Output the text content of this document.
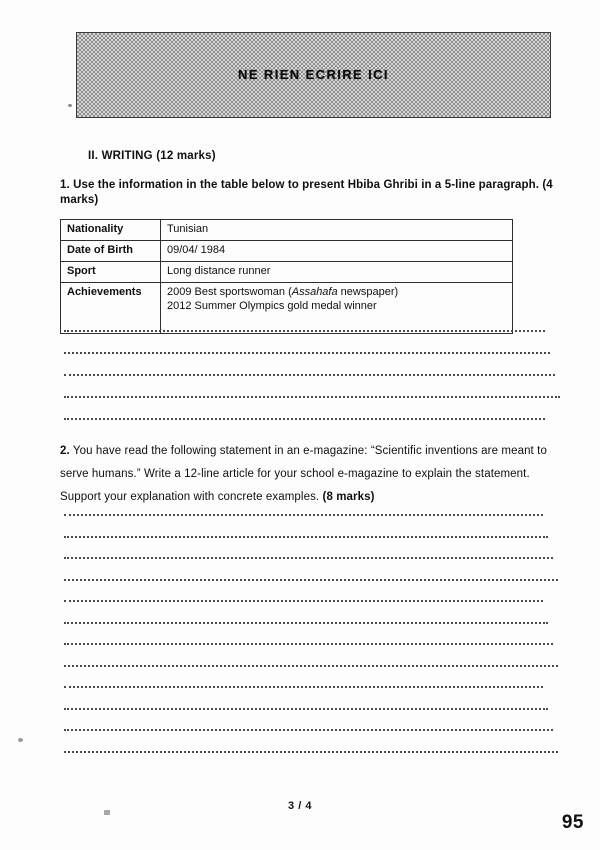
NE RIEN ECRIRE ICI
II. WRITING (12 marks)
1. Use the information in the table below to present Hbiba Ghribi in a 5-line paragraph. (4 marks)
Nationality	Tunisian
Date of Birth	09/04/ 1984
Sport	Long distance runner
Achievements	2009 Best sportswoman (Assahafa newspaper)
2012 Summer Olympics gold medal winner
2. You have read the following statement in an e-magazine: “Scientific inventions are meant to serve humans.” Write a 12-line article for your school e-magazine to explain the statement. Support your explanation with concrete examples. (8 marks)
3 / 4
95
